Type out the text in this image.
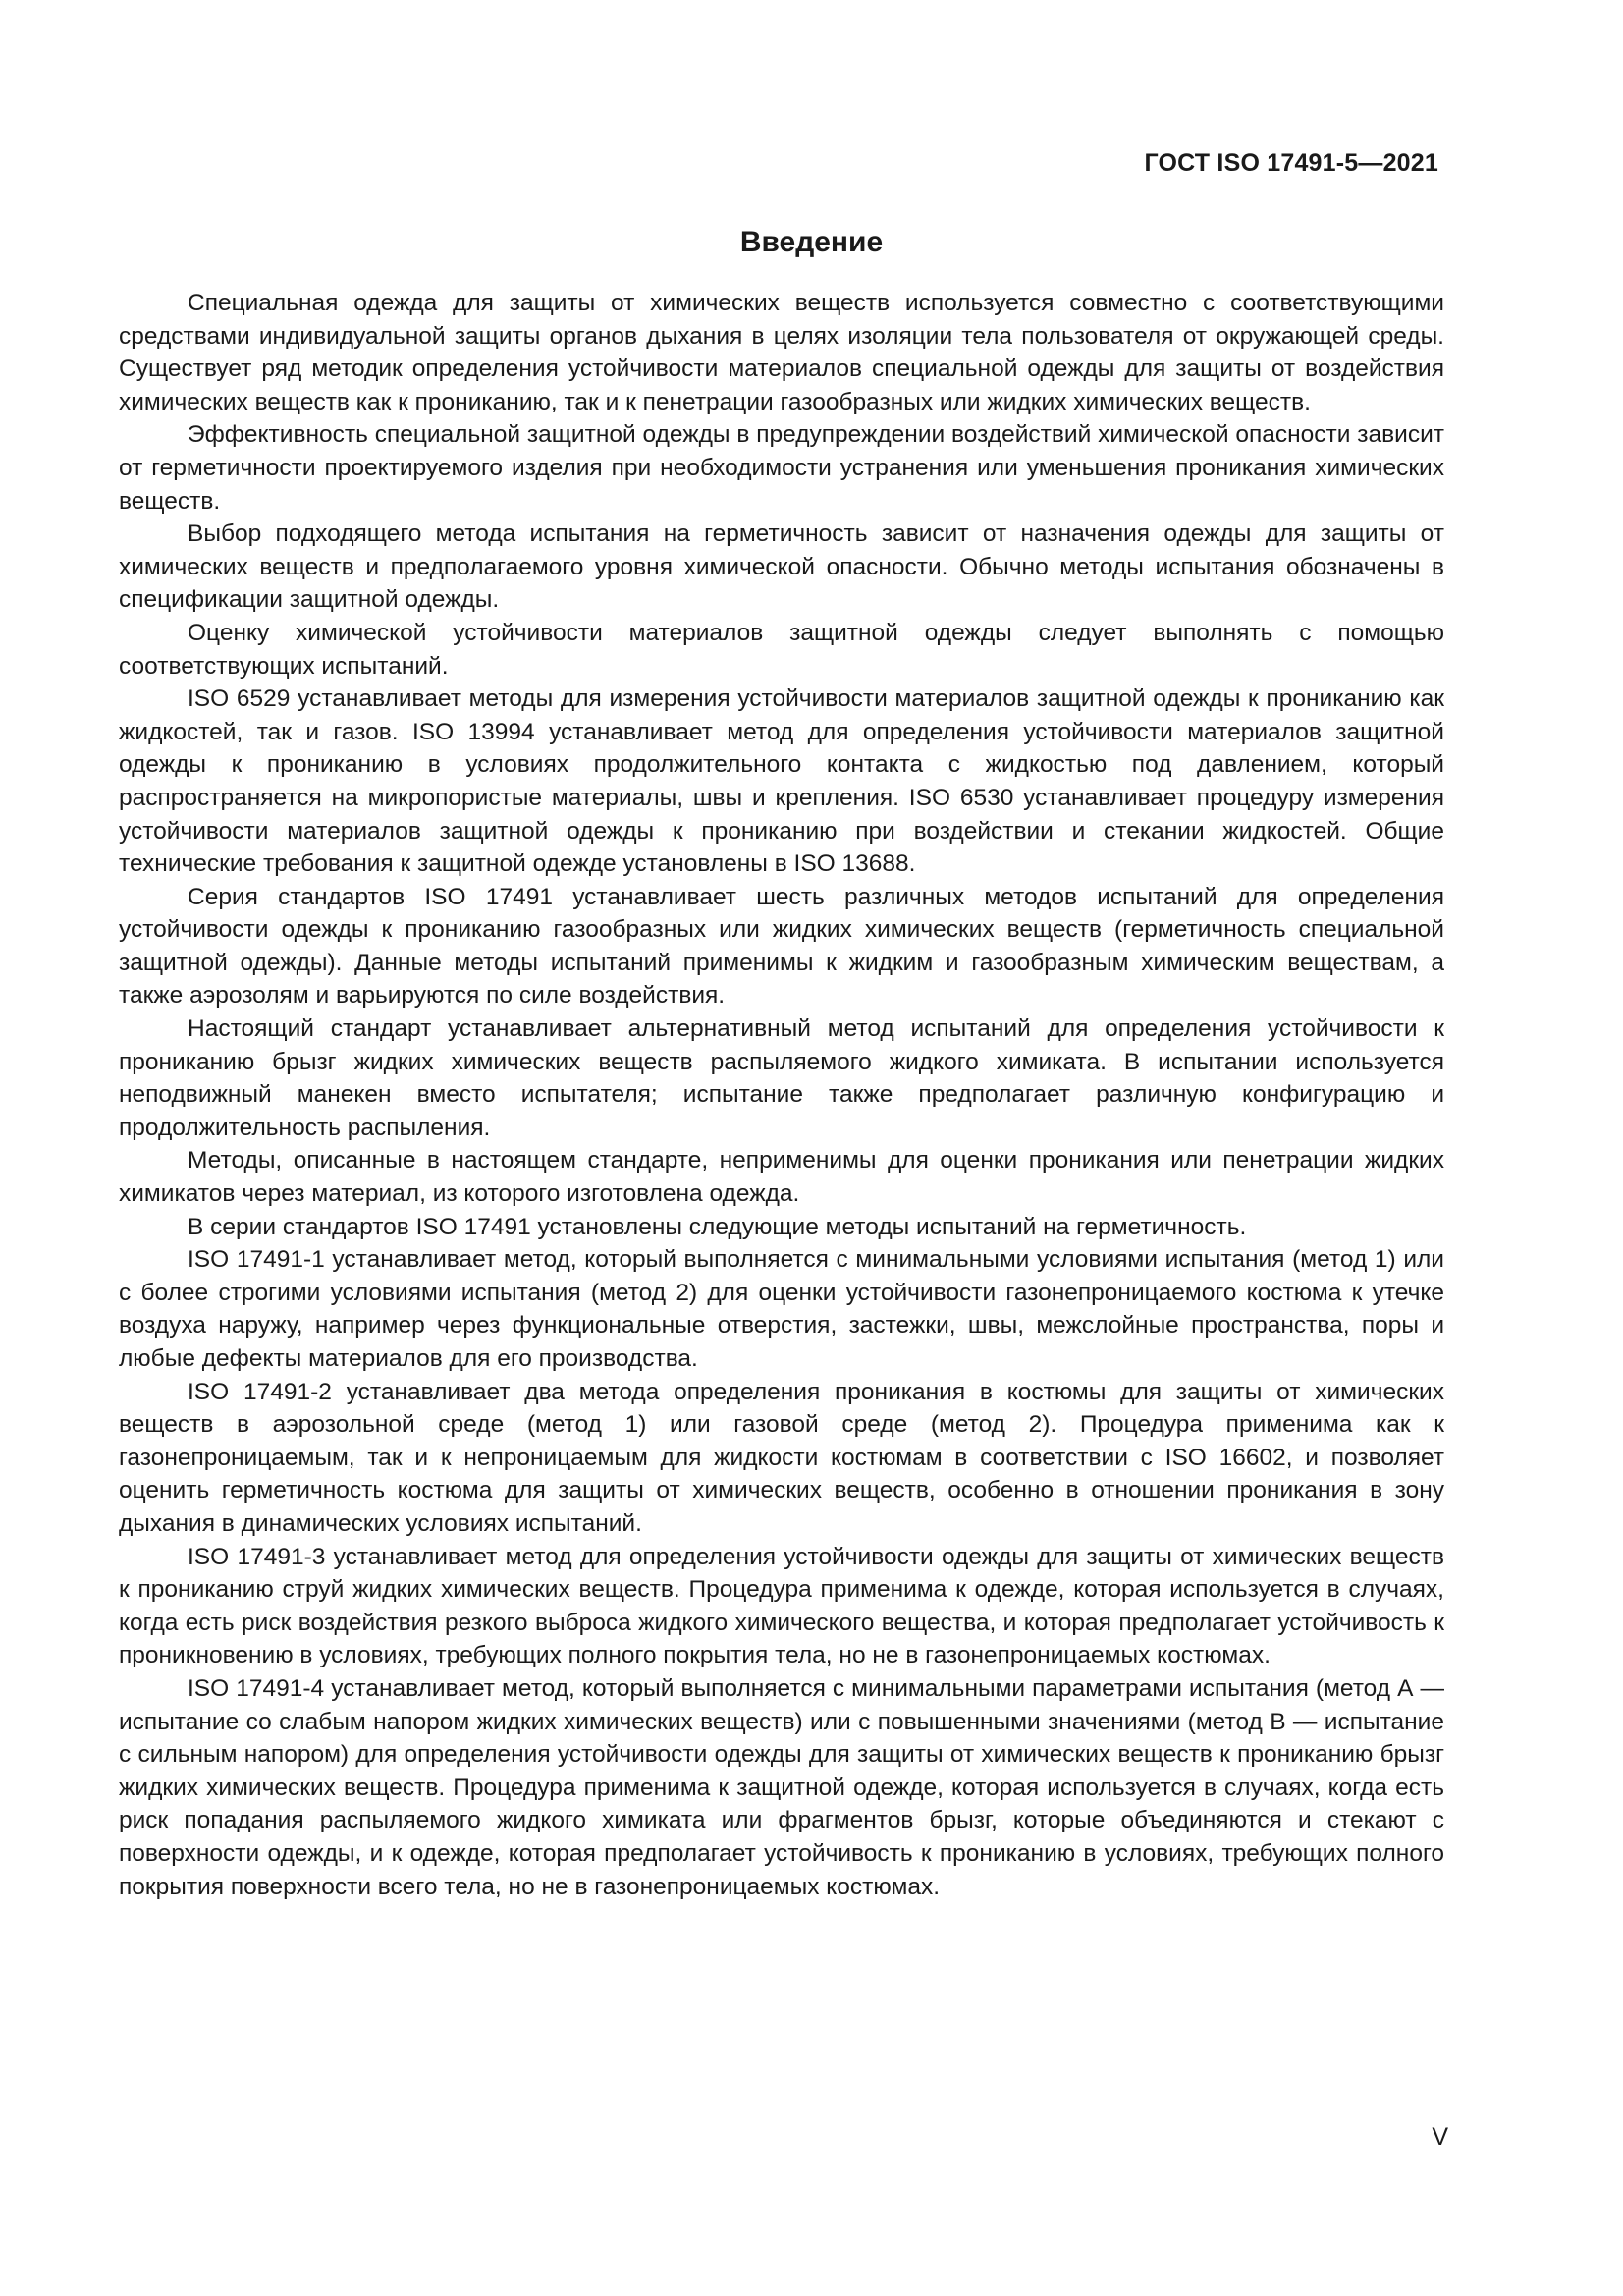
ГОСТ ISO 17491-5—2021
Введение

Специальная одежда для защиты от химических веществ используется совместно с соответствующими средствами индивидуальной защиты органов дыхания в целях изоляции тела пользователя от окружающей среды. Существует ряд методик определения устойчивости материалов специальной одежды для защиты от воздействия химических веществ как к прониканию, так и к пенетрации газообразных или жидких химических веществ.

Эффективность специальной защитной одежды в предупреждении воздействий химической опасности зависит от герметичности проектируемого изделия при необходимости устранения или уменьшения проникания химических веществ.

Выбор подходящего метода испытания на герметичность зависит от назначения одежды для защиты от химических веществ и предполагаемого уровня химической опасности. Обычно методы испытания обозначены в спецификации защитной одежды.

Оценку химической устойчивости материалов защитной одежды следует выполнять с помощью соответствующих испытаний.

ISO 6529 устанавливает методы для измерения устойчивости материалов защитной одежды к прониканию как жидкостей, так и газов. ISO 13994 устанавливает метод для определения устойчивости материалов защитной одежды к прониканию в условиях продолжительного контакта с жидкостью под давлением, который распространяется на микропористые материалы, швы и крепления. ISO 6530 устанавливает процедуру измерения устойчивости материалов защитной одежды к прониканию при воздействии и стекании жидкостей. Общие технические требования к защитной одежде установлены в ISO 13688.

Серия стандартов ISO 17491 устанавливает шесть различных методов испытаний для определения устойчивости одежды к прониканию газообразных или жидких химических веществ (герметичность специальной защитной одежды). Данные методы испытаний применимы к жидким и газообразным химическим веществам, а также аэрозолям и варьируются по силе воздействия.

Настоящий стандарт устанавливает альтернативный метод испытаний для определения устойчивости к прониканию брызг жидких химических веществ распыляемого жидкого химиката. В испытании используется неподвижный манекен вместо испытателя; испытание также предполагает различную конфигурацию и продолжительность распыления.

Методы, описанные в настоящем стандарте, неприменимы для оценки проникания или пенетрации жидких химикатов через материал, из которого изготовлена одежда.

В серии стандартов ISO 17491 установлены следующие методы испытаний на герметичность.

ISO 17491-1 устанавливает метод, который выполняется с минимальными условиями испытания (метод 1) или с более строгими условиями испытания (метод 2) для оценки устойчивости газонепроницаемого костюма к утечке воздуха наружу, например через функциональные отверстия, застежки, швы, межслойные пространства, поры и любые дефекты материалов для его производства.

ISO 17491-2 устанавливает два метода определения проникания в костюмы для защиты от химических веществ в аэрозольной среде (метод 1) или газовой среде (метод 2). Процедура применима как к газонепроницаемым, так и к непроницаемым для жидкости костюмам в соответствии с ISO 16602, и позволяет оценить герметичность костюма для защиты от химических веществ, особенно в отношении проникания в зону дыхания в динамических условиях испытаний.

ISO 17491-3 устанавливает метод для определения устойчивости одежды для защиты от химических веществ к прониканию струй жидких химических веществ. Процедура применима к одежде, которая используется в случаях, когда есть риск воздействия резкого выброса жидкого химического вещества, и которая предполагает устойчивость к проникновению в условиях, требующих полного покрытия тела, но не в газонепроницаемых костюмах.

ISO 17491-4 устанавливает метод, который выполняется с минимальными параметрами испытания (метод А — испытание со слабым напором жидких химических веществ) или с повышенными значениями (метод В — испытание с сильным напором) для определения устойчивости одежды для защиты от химических веществ к прониканию брызг жидких химических веществ. Процедура применима к защитной одежде, которая используется в случаях, когда есть риск попадания распыляемого жидкого химиката или фрагментов брызг, которые объединяются и стекают с поверхности одежды, и к одежде, которая предполагает устойчивость к прониканию в условиях, требующих полного покрытия поверхности всего тела, но не в газонепроницаемых костюмах.

V
